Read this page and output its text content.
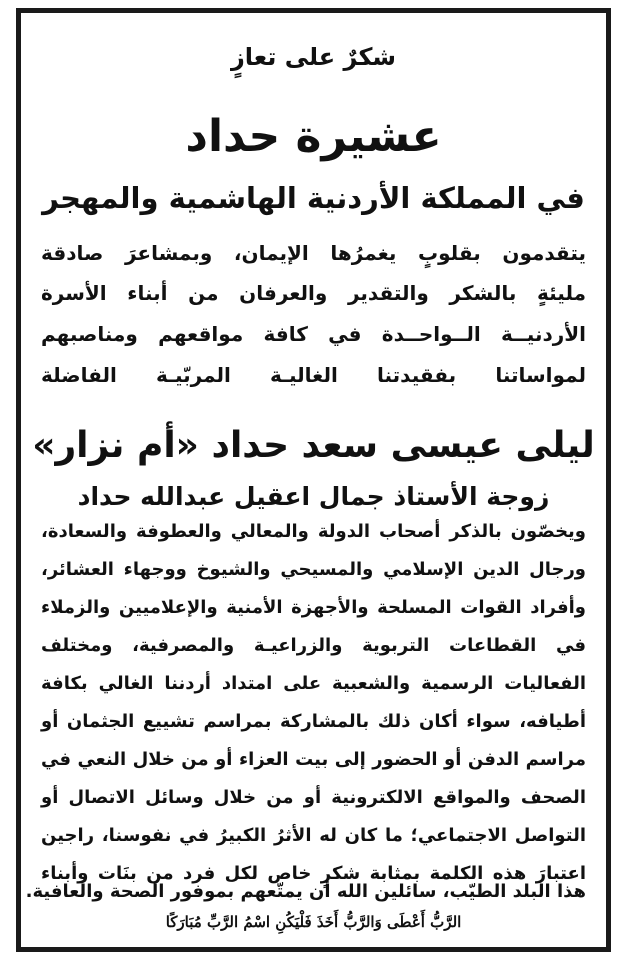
شكرٌ على تعازٍ
عشيرة حداد
في المملكة الأردنية الهاشمية والمهجر
يتقدمون بقلوبٍ يغمرُها الإيمان، وبمشاعرَ صادقة
مليئةٍ بالشكر والتقدير والعرفان من أبناء الأسرة
الأردنيــة الــواحــدة في كافة مواقعهم ومناصبهم
لمواساتنا بفقيدتنا الغاليـة المربّيـة الفاضلة
ليلى عيسى سعد حداد «أم نزار»
زوجة الأستاذ جمال اعقيل عبدالله حداد
ويخصّون بالذكر أصحاب الدولة والمعالي والعطوفة والسعادة،
ورجال الدين الإسلامي والمسيحي والشيوخ ووجهاء العشائر،
وأفراد القوات المسلحة والأجهزة الأمنية والإعلاميين والزملاء
في القطاعات التربوية والزراعيـة والمصرفية، ومختلف
الفعاليات الرسمية والشعبية على امتداد أردننا الغالي بكافة
أطيافه، سواء أكان ذلك بالمشاركة بمراسم تشييع الجثمان أو
مراسم الدفن أو الحضور إلى بيت العزاء أو من خلال النعي في
الصحف والمواقع الالكترونية أو من خلال وسائل الاتصال أو
التواصل الاجتماعي؛ ما كان له الأثرُ الكبيرُ في نفوسنا، راجين
اعتبارَ هذه الكلمة بمثابة شكرٍ خاص لكل فرد من بنَات وأبناء
هذا البلد الطيّب، سائلين الله أن يمتّعهم بموفور الصحة والعافية.
الرَّبُّ أَعْطَى وَالرَّبُّ أَخَذَ فَلْيَكُنِ اسْمُ الرَّبِّ مُبَارَكًا
